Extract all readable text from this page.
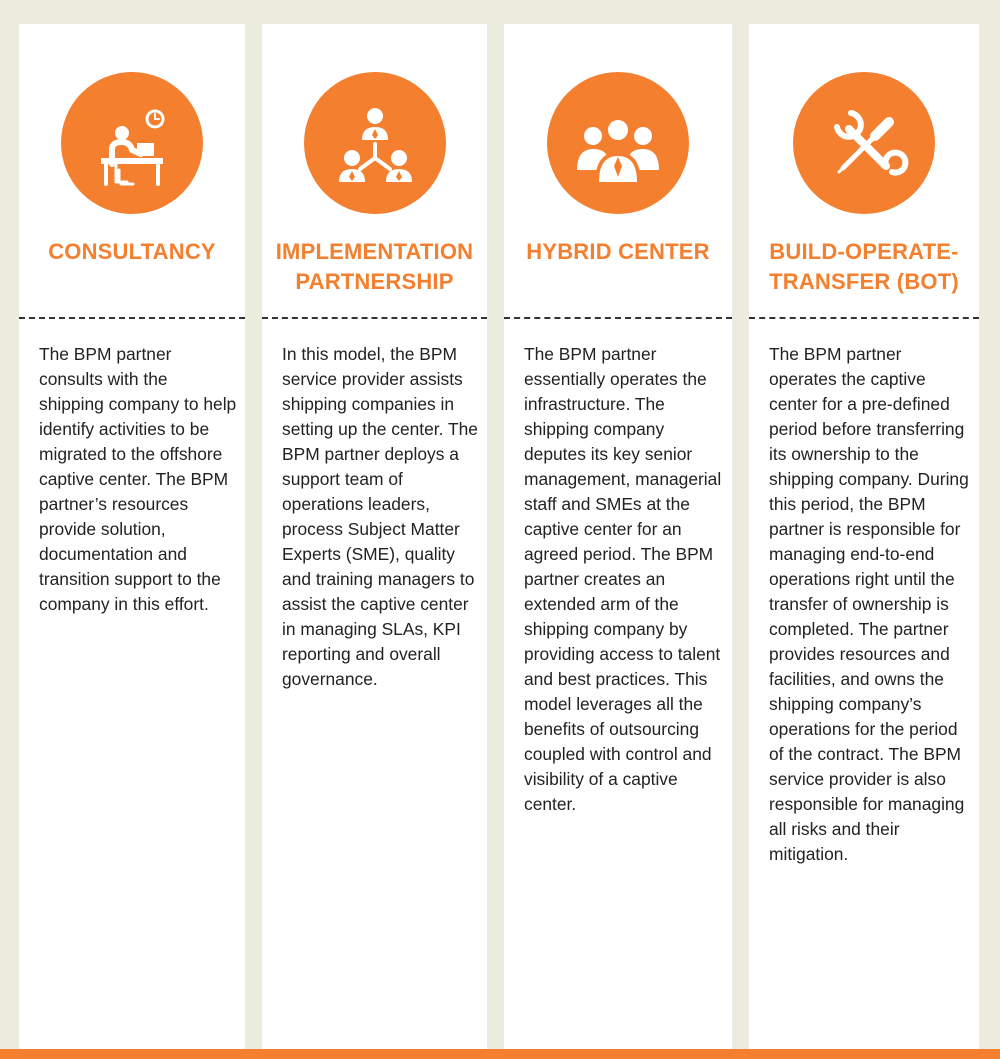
CONSULTANCY

The BPM partner consults with the shipping company to help identify activities to be migrated to the offshore captive center. The BPM partner’s resources provide solution, documentation and transition support to the company in this effort.

IMPLEMENTATION
PARTNERSHIP

In this model, the BPM service provider assists shipping companies in setting up the center. The BPM partner deploys a support team of operations leaders, process Subject Matter Experts (SME), quality and training managers to assist the captive center in managing SLAs, KPI reporting and overall governance.

HYBRID CENTER

The BPM partner essentially operates the infrastructure. The shipping company deputes its key senior management, managerial staff and SMEs at the captive center for an agreed period. The BPM partner creates an extended arm of the shipping company by providing access to talent and best practices. This model leverages all the benefits of outsourcing coupled with control and visibility of a captive center.

BUILD-OPERATE-
TRANSFER (BOT)

The BPM partner operates the captive center for a pre-defined period before transferring its ownership to the shipping company. During this period, the BPM partner is responsible for managing end-to-end operations right until the transfer of ownership is completed. The partner provides resources and facilities, and owns the shipping company’s operations for the period of the contract. The BPM service provider is also responsible for managing all risks and their mitigation.
